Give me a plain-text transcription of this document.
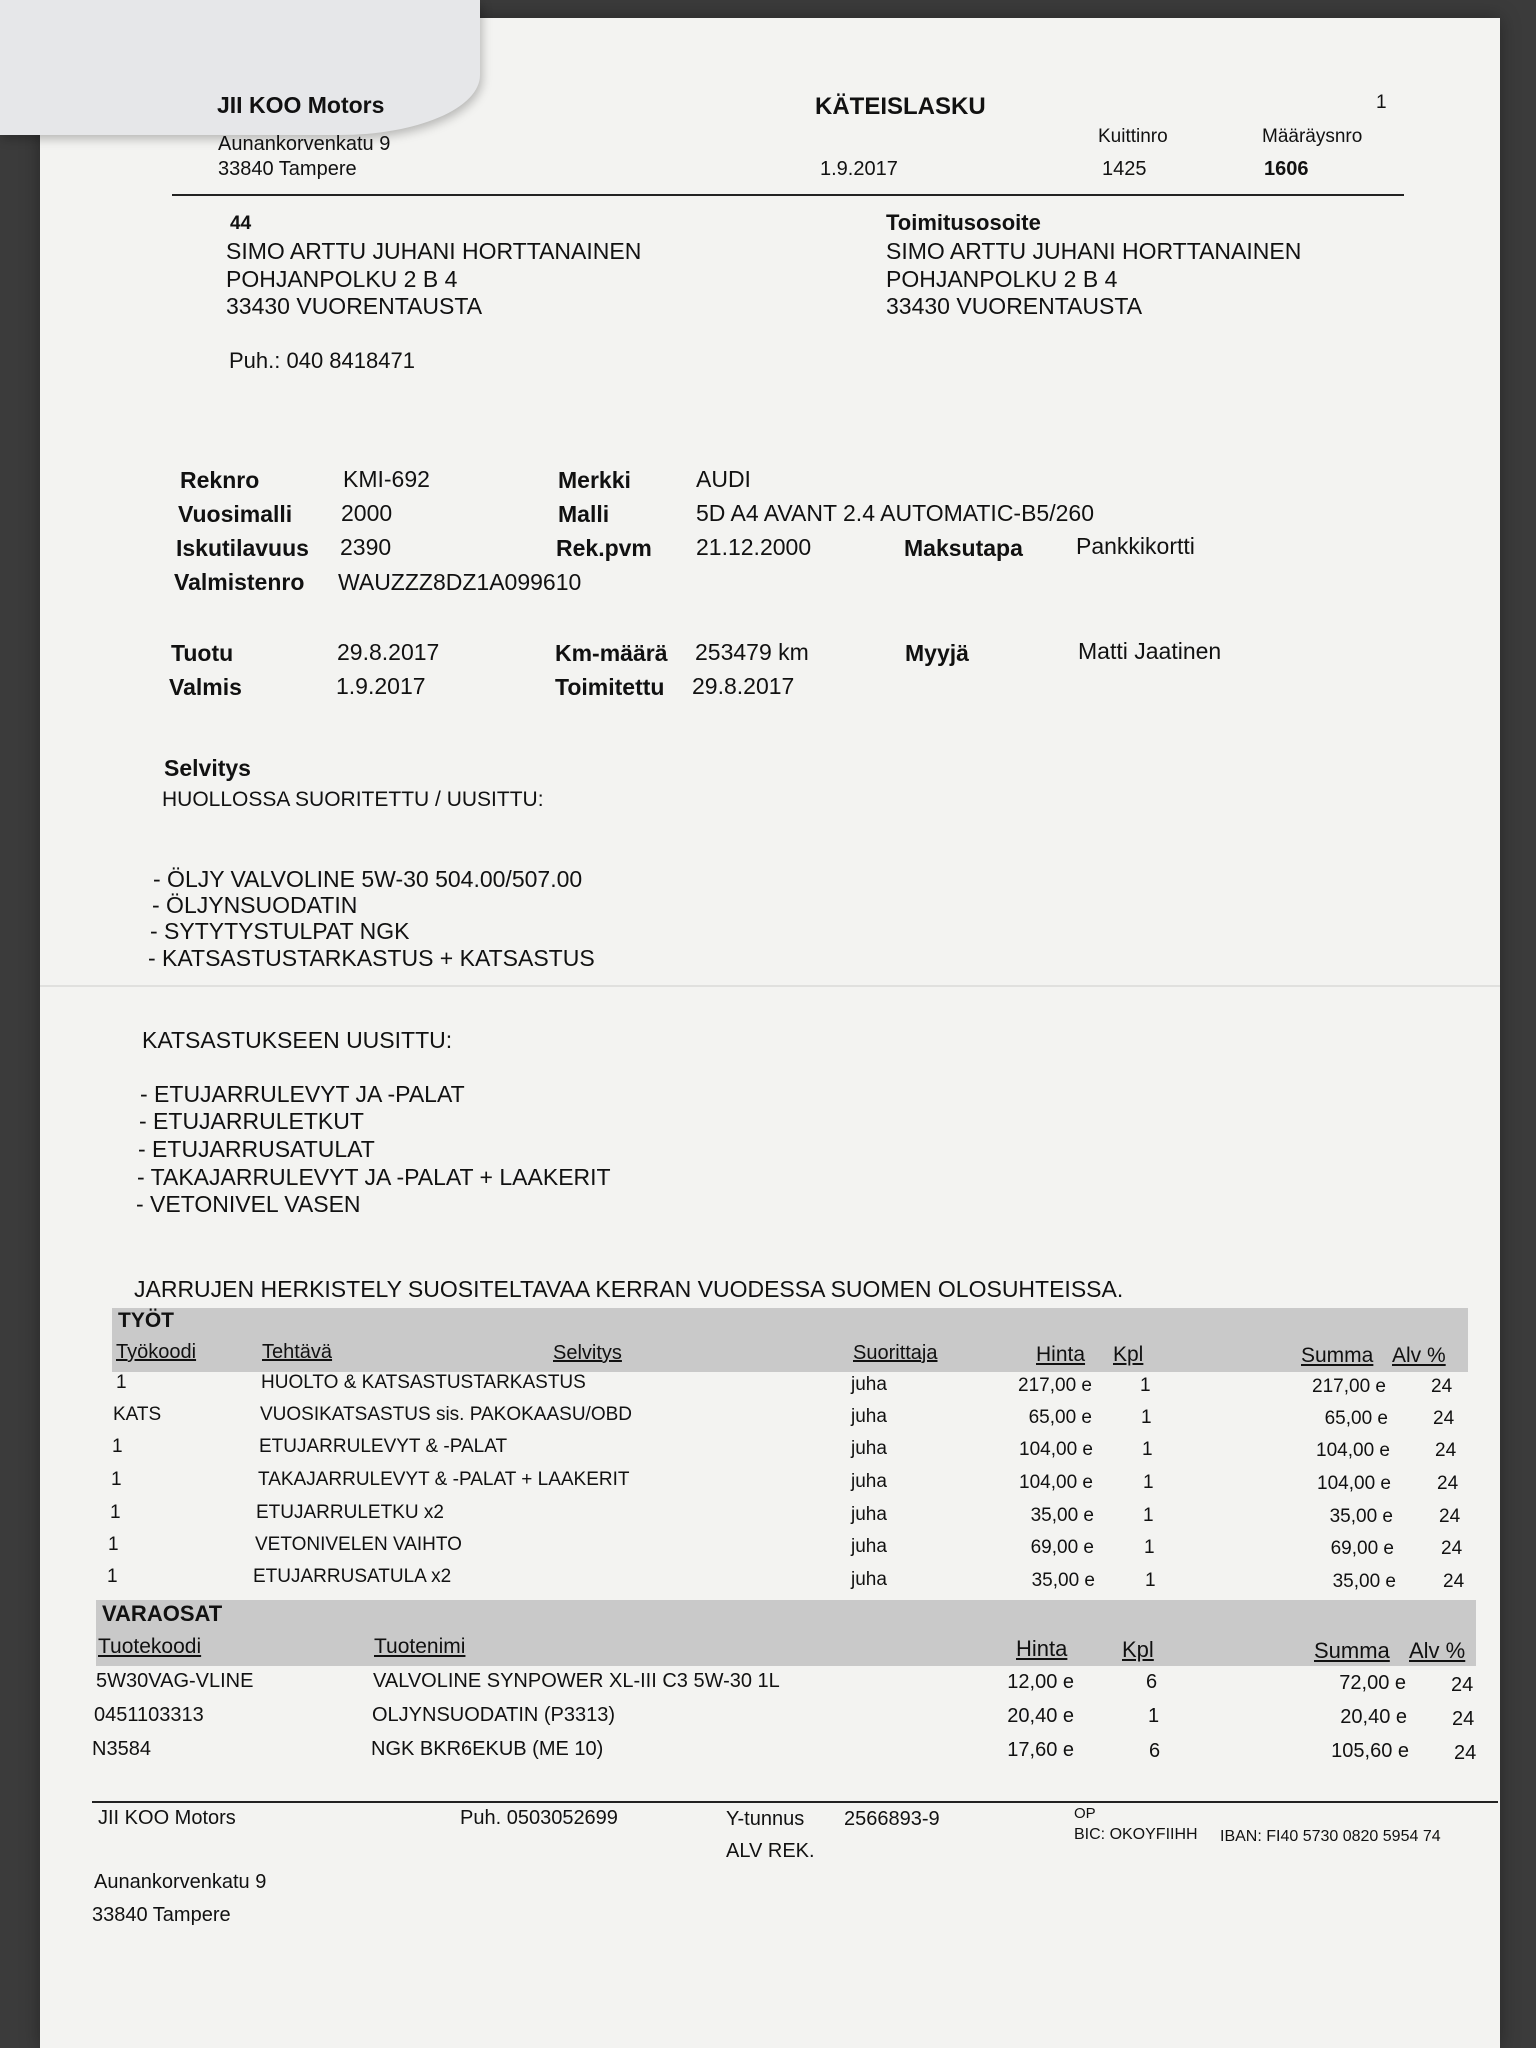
JII KOO Motors
Aunankorvenkatu 9
33840 Tampere
KÄTEISLASKU
1.9.2017
1
Kuittinro
1425
Määräysnro
1606
44
SIMO ARTTU JUHANI HORTTANAINEN
POHJANPOLKU 2 B 4
33430 VUORENTAUSTA
Puh.: 040 8418471
Toimitusosoite
SIMO ARTTU JUHANI HORTTANAINEN
POHJANPOLKU 2 B 4
33430 VUORENTAUSTA
Reknro	KMI-692
Vuosimalli 2000
Iskutilavuus 2390
Valmistenro WAUZZZ8DZ1A099610
Merkki	AUDI
Malli	5D A4 AVANT 2.4 AUTOMATIC-B5/260
Rek.pvm 21.12.2000	Maksutapa Pankkikortti
Tuotu	29.8.2017
Valmis	1.9.2017
Km-määrä 253479 km
Toimitettu 29.8.2017
Myyjä	Matti Jaatinen
Selvitys
HUOLLOSSA SUORITETTU / UUSITTU:
- ÖLJY VALVOLINE 5W-30 504.00/507.00
- ÖLJYNSUODATIN
- SYTYTYSTULPAT NGK
- KATSASTUSTARKASTUS + KATSASTUS
KATSASTUKSEEN UUSITTU:
- ETUJARRULEVYT JA -PALAT
- ETUJARRULETKUT
- ETUJARRUSATULAT
- TAKAJARRULEVYT JA -PALAT + LAAKERIT
- VETONIVEL VASEN
JARRUJEN HERKISTELY SUOSITELTAVAA KERRAN VUODESSA SUOMEN OLOSUHTEISSA.
TYÖT
Työkoodi	Tehtävä	Selvitys	Suorittaja	Hinta Kpl	Summa Alv %
1	HUOLTO & KATSASTUSTARKASTUS	juha	217,00 e	1	217,00 e 24
KATS	VUOSIKATSASTUS sis. PAKOKAASU/OBD	juha	65,00 e	1	65,00 e 24
1	ETUJARRULEVYT & -PALAT	juha	104,00 e	1	104,00 e 24
1	TAKAJARRULEVYT & -PALAT + LAAKERIT	juha	104,00 e	1	104,00 e 24
1	ETUJARRULETKU x2	juha	35,00 e	1	35,00 e 24
1	VETONIVELEN VAIHTO	juha	69,00 e	1	69,00 e 24
1	ETUJARRUSATULA x2	juha	35,00 e	1	35,00 e 24
VARAOSAT
Tuotekoodi	Tuotenimi	Hinta Kpl	Summa Alv %
5W30VAG-VLINE	VALVOLINE SYNPOWER XL-III C3 5W-30 1L	12,00 e	6	72,00 e 24
0451103313	OLJYNSUODATIN (P3313)	20,40 e	1	20,40 e 24
N3584	NGK BKR6EKUB (ME 10)	17,60 e	6	105,60 e 24
JII KOO Motors
Aunankorvenkatu 9
33840 Tampere
Puh. 0503052699	Y-tunnus 2566893-9
ALV REK.
OP
BIC: OKOYFIIHH IBAN: FI40 5730 0820 5954 74
